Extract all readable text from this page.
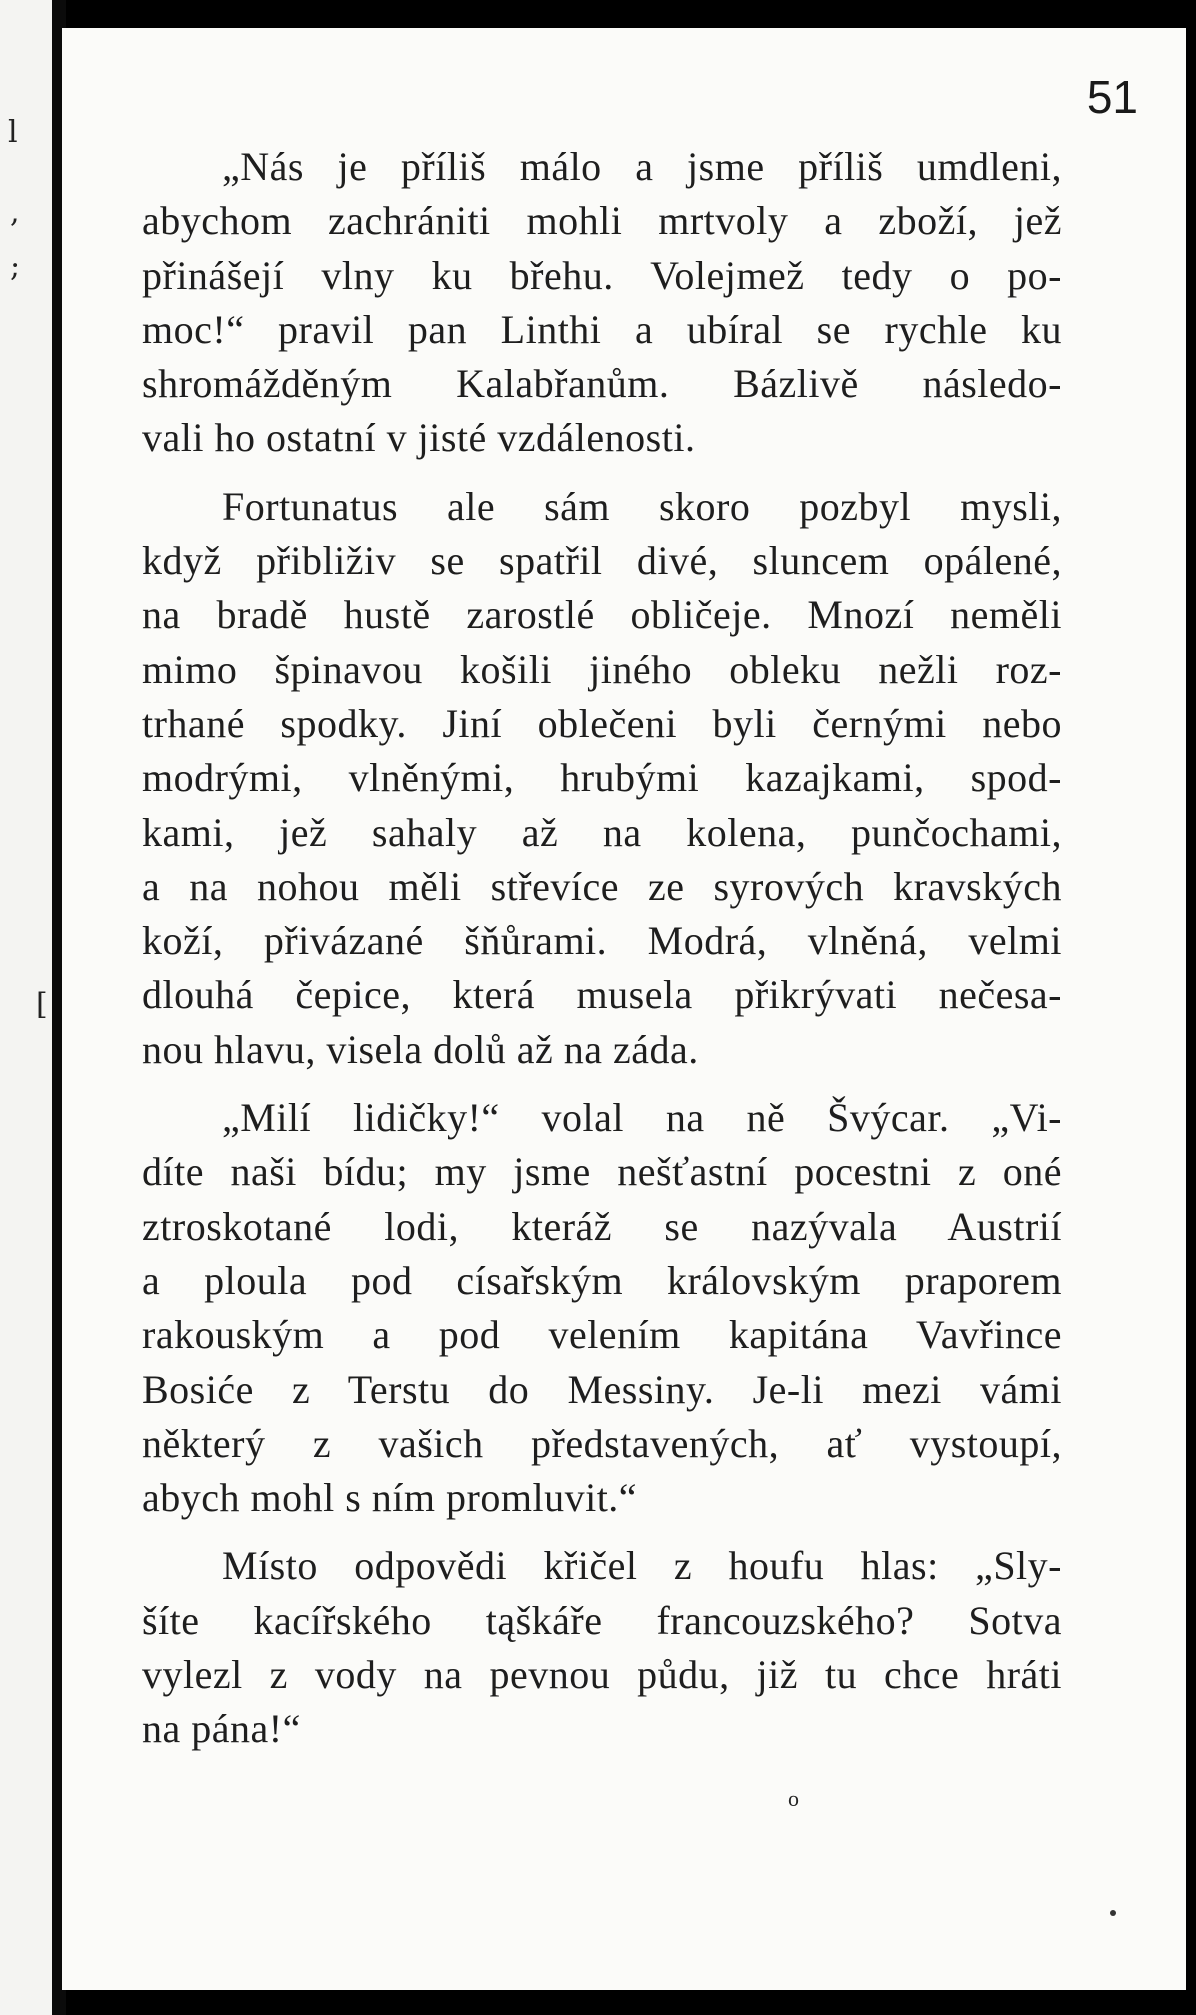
l
,
;
[
51

„Nás je příliš málo a jsme příliš umdleni,
abychom zachrániti mohli mrtvoly a zboží, jež
přinášejí vlny ku břehu. Volejmež tedy o po-
moc!“ pravil pan Linthi a ubíral se rychle ku
shromážděným Kalabřanům. Bázlivě následo-
vali ho ostatní v jisté vzdálenosti.

Fortunatus ale sám skoro pozbyl mysli,
když přibliživ se spatřil divé, sluncem opálené,
na bradě hustě zarostlé obličeje. Mnozí neměli
mimo špinavou košili jiného obleku nežli roz-
trhané spodky. Jiní oblečeni byli černými nebo
modrými, vlněnými, hrubými kazajkami, spod-
kami, jež sahaly až na kolena, punčochami,
a na nohou měli střevíce ze syrových kravských
koží, přivázané šňůrami. Modrá, vlněná, velmi
dlouhá čepice, která musela přikrývati nečesa-
nou hlavu, visela dolů až na záda.

„Milí lidičky!“ volal na ně Švýcar. „Vi-
díte naši bídu; my jsme nešťastní pocestni z oné
ztroskotané lodi, kteráž se nazývala Austrií
a ploula pod císařským královským praporem
rakouským a pod velením kapitána Vavřince
Bosiće z Terstu do Messiny. Je-li mezi vámi
některý z vašich představených, ať vystoupí,
abych mohl s ním promluvit.“

Místo odpovědi křičel z houfu hlas: „Sly-
šíte kacířského tąškáře francouzského? Sotva
vylezl z vody na pevnou půdu, již tu chce hráti
na pána!“

o
